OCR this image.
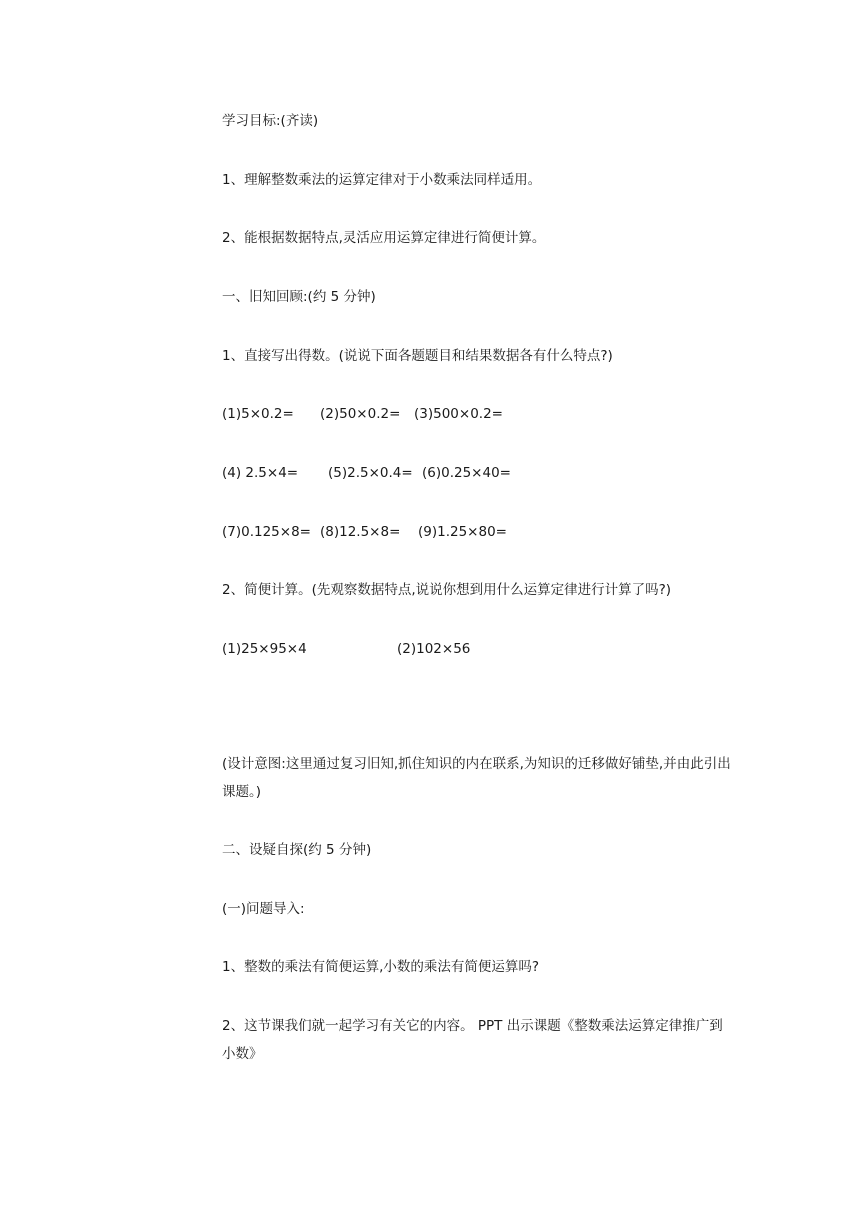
学习目标:(齐读)
1、理解整数乘法的运算定律对于小数乘法同样适用。
2、能根据数据特点,灵活应用运算定律进行简便计算。
一、旧知回顾:(约 5 分钟)
1、直接写出得数。(说说下面各题题目和结果数据各有什么特点?)
(1)5×0.2=	(2)50×0.2=	(3)500×0.2=
(4) 2.5×4=	(5)2.5×0.4= (6)0.25×40=
(7)0.125×8= (8)12.5×8=	(9)1.25×80=
2、简便计算。(先观察数据特点,说说你想到用什么运算定律进行计算了吗?)
(1)25×95×4	(2)102×56
(设计意图:这里通过复习旧知,抓住知识的内在联系,为知识的迁移做好铺垫,并由此引出课题。)
二、设疑自探(约 5 分钟)
(一)问题导入:
1、整数的乘法有简便运算,小数的乘法有简便运算吗?
2、这节课我们就一起学习有关它的内容。 PPT 出示课题《整数乘法运算定律推广到小数》
